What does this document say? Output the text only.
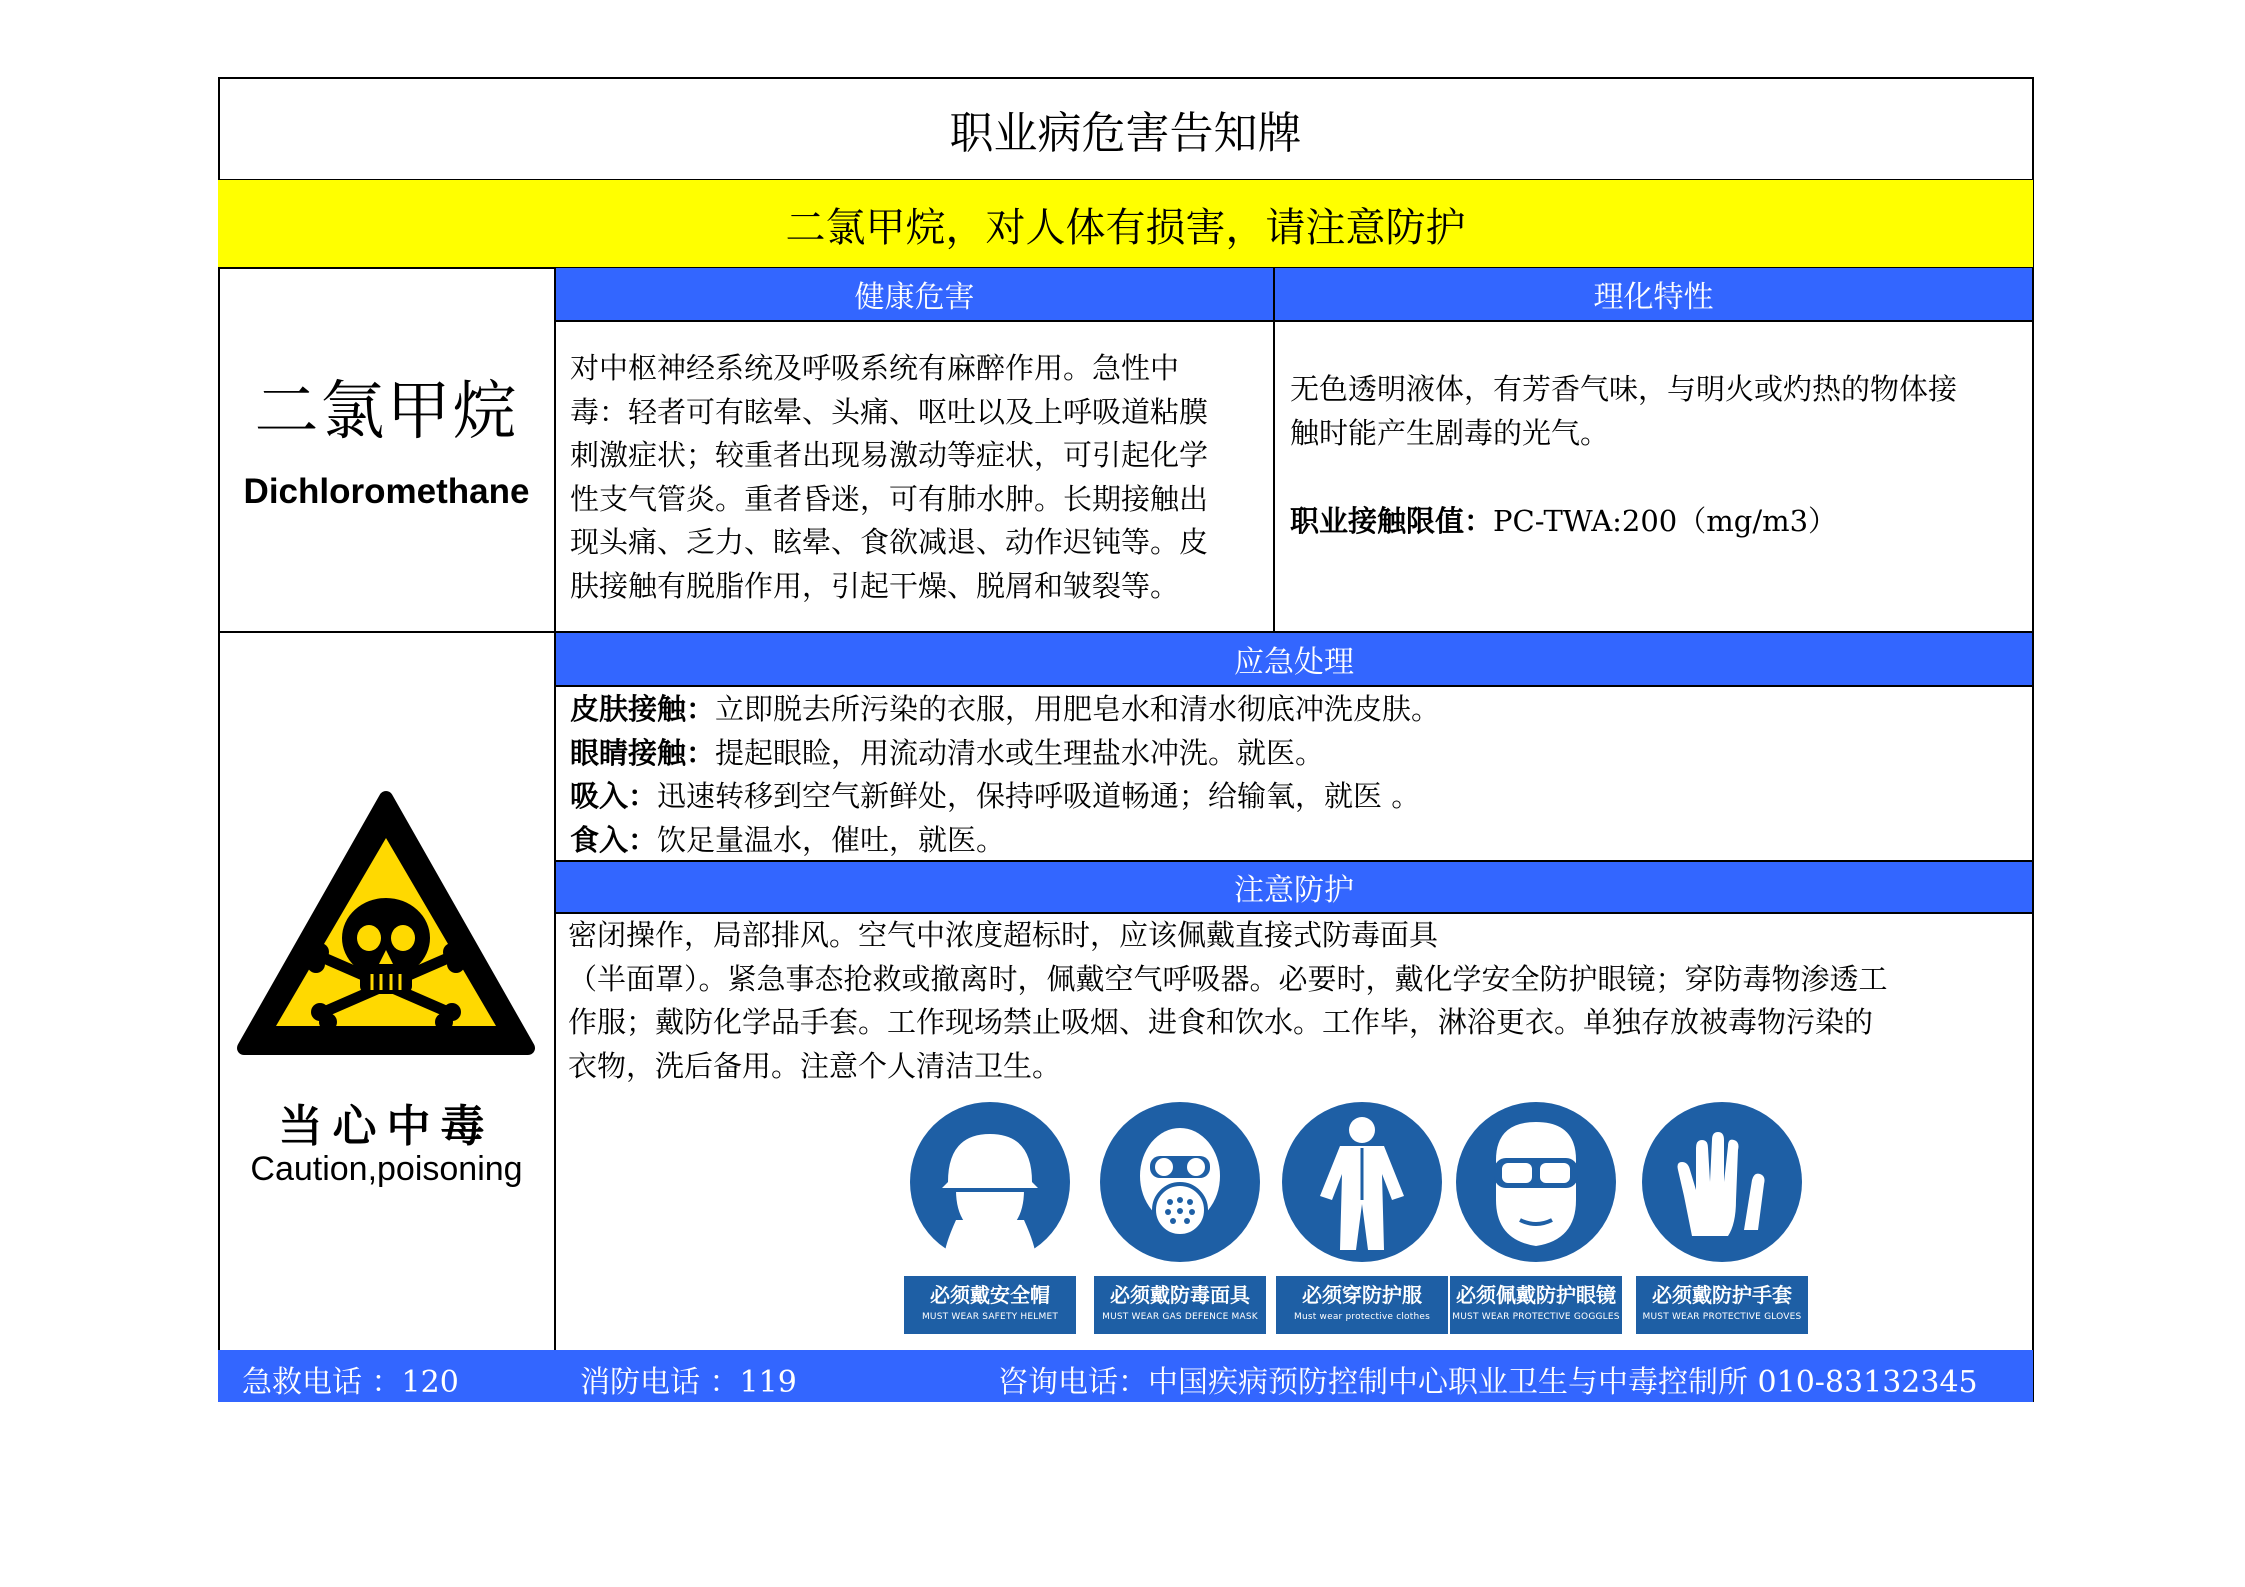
职业病危害告知牌
二氯甲烷，对人体有损害，请注意防护
二氯甲烷
Dichloromethane
健康危害	理化特性
对中枢神经系统及呼吸系统有麻醉作用。急性中
毒：轻者可有眩晕、头痛、呕吐以及上呼吸道粘膜
刺激症状；较重者出现易激动等症状，可引起化学
性支气管炎。重者昏迷，可有肺水肿。长期接触出
现头痛、乏力、眩晕、食欲减退、动作迟钝等。皮
肤接触有脱脂作用，引起干燥、脱屑和皱裂等。
无色透明液体，有芳香气味，与明火或灼热的物体接
触时能产生剧毒的光气。
职业接触限值：PC-TWA:200（mg/m3）
当心中毒
Caution,poisoning
应急处理
皮肤接触：立即脱去所污染的衣服，用肥皂水和清水彻底冲洗皮肤。
眼睛接触：提起眼睑，用流动清水或生理盐水冲洗。就医。
吸入：迅速转移到空气新鲜处，保持呼吸道畅通；给输氧，就医 。
食入：饮足量温水，催吐，就医。
注意防护
密闭操作，局部排风。空气中浓度超标时，应该佩戴直接式防毒面具
（半面罩）。紧急事态抢救或撤离时，佩戴空气呼吸器。必要时，戴化学安全防护眼镜；穿防毒物渗透工
作服；戴防化学品手套。工作现场禁止吸烟、进食和饮水。工作毕，淋浴更衣。单独存放被毒物污染的
衣物，洗后备用。注意个人清洁卫生。
必须戴安全帽
MUST WEAR SAFETY HELMET
必须戴防毒面具
MUST WEAR GAS DEFENCE MASK
必须穿防护服
Must wear protective clothes
必须佩戴防护眼镜
MUST WEAR PROTECTIVE GOGGLES
必须戴防护手套
MUST WEAR PROTECTIVE GLOVES
急救电话 ：120	消防电话 ：119	咨询电话：中国疾病预防控制中心职业卫生与中毒控制所 010-83132345
